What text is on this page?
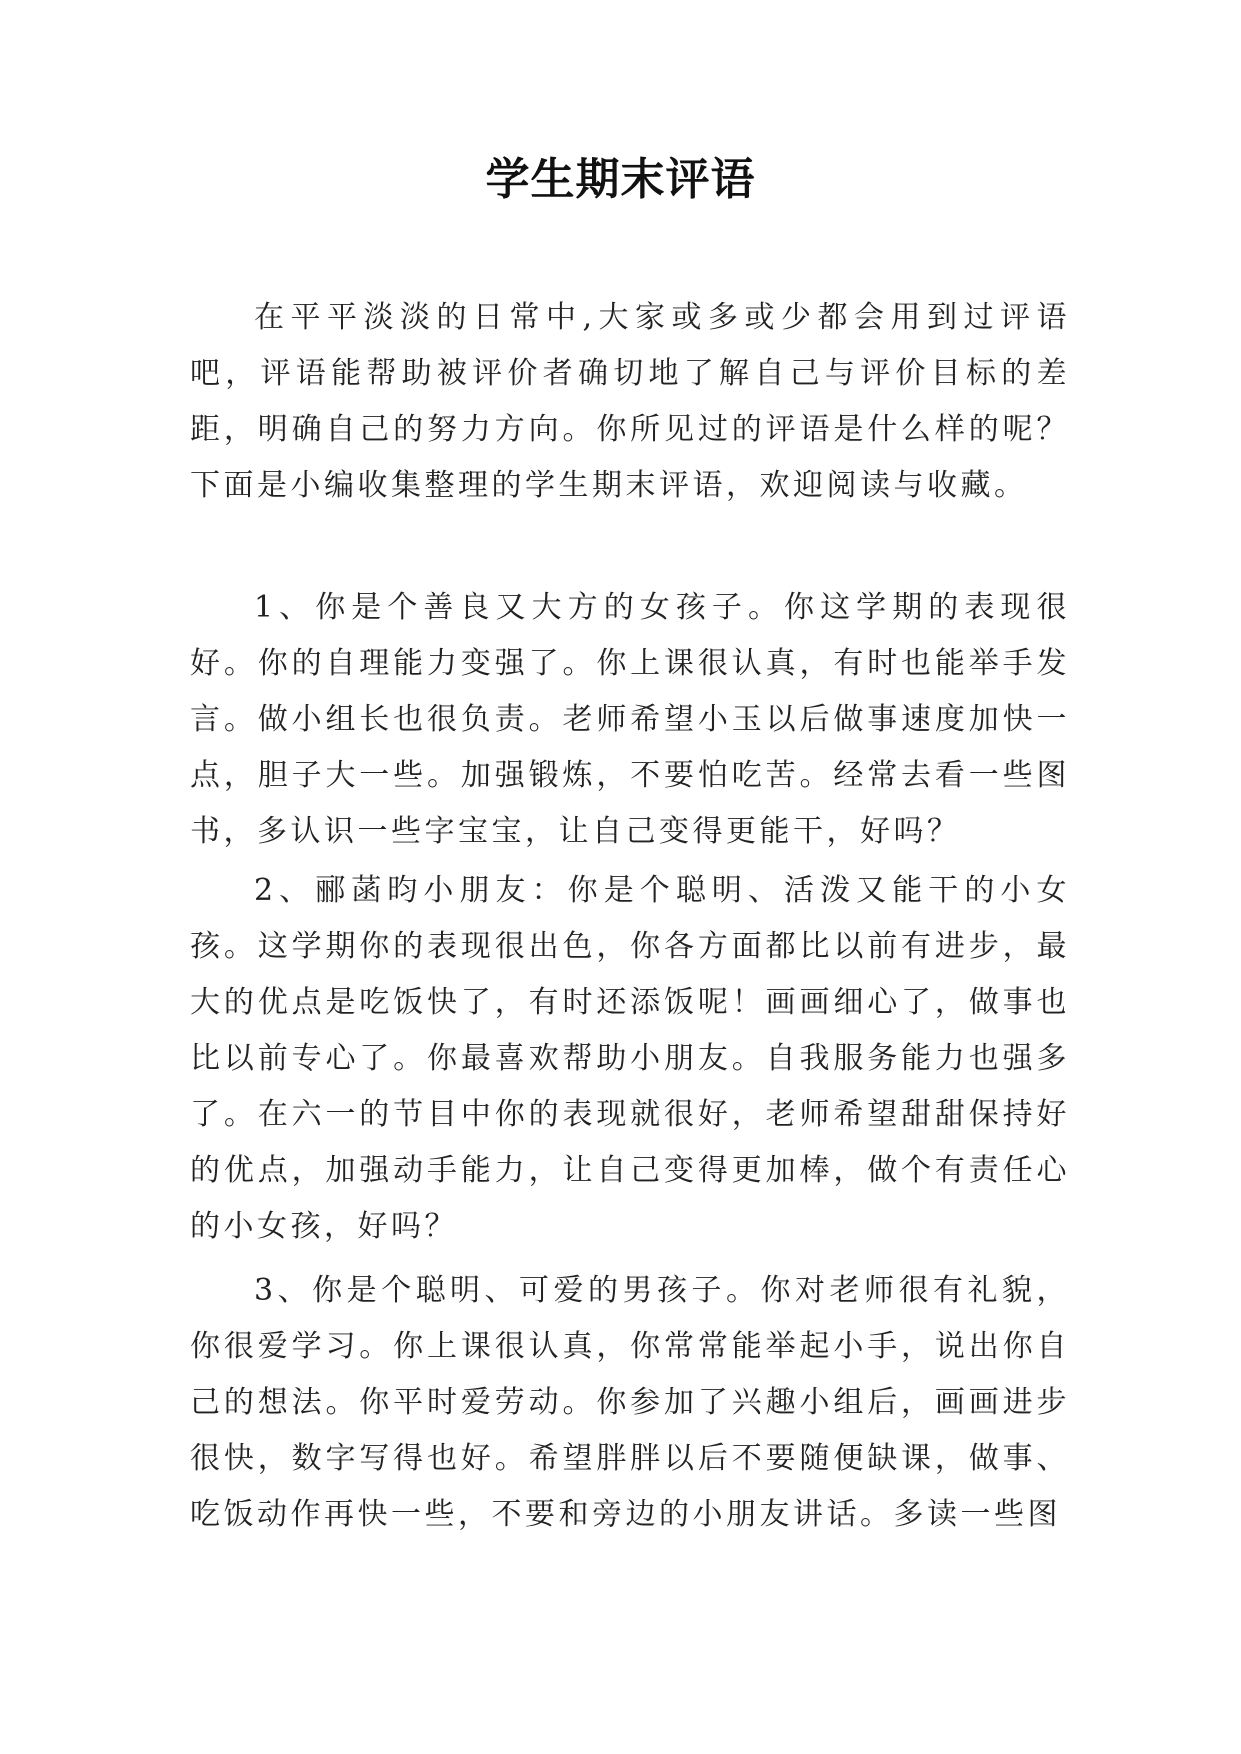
学生期末评语

在平平淡淡的日常中,大家或多或少都会用到过评语吧，评语能帮助被评价者确切地了解自己与评价目标的差距，明确自己的努力方向。你所见过的评语是什么样的呢？下面是小编收集整理的学生期末评语，欢迎阅读与收藏。

1、你是个善良又大方的女孩子。你这学期的表现很好。你的自理能力变强了。你上课很认真，有时也能举手发言。做小组长也很负责。老师希望小玉以后做事速度加快一点，胆子大一些。加强锻炼，不要怕吃苦。经常去看一些图书，多认识一些字宝宝，让自己变得更能干，好吗？

2、郦菡昀小朋友：你是个聪明、活泼又能干的小女孩。这学期你的表现很出色，你各方面都比以前有进步，最大的优点是吃饭快了，有时还添饭呢！画画细心了，做事也比以前专心了。你最喜欢帮助小朋友。自我服务能力也强多了。在六一的节目中你的表现就很好，老师希望甜甜保持好的优点，加强动手能力，让自己变得更加棒，做个有责任心的小女孩，好吗？

3、你是个聪明、可爱的男孩子。你对老师很有礼貌，你很爱学习。你上课很认真，你常常能举起小手，说出你自己的想法。你平时爱劳动。你参加了兴趣小组后，画画进步很快，数字写得也好。希望胖胖以后不要随便缺课，做事、吃饭动作再快一些，不要和旁边的小朋友讲话。多读一些图
